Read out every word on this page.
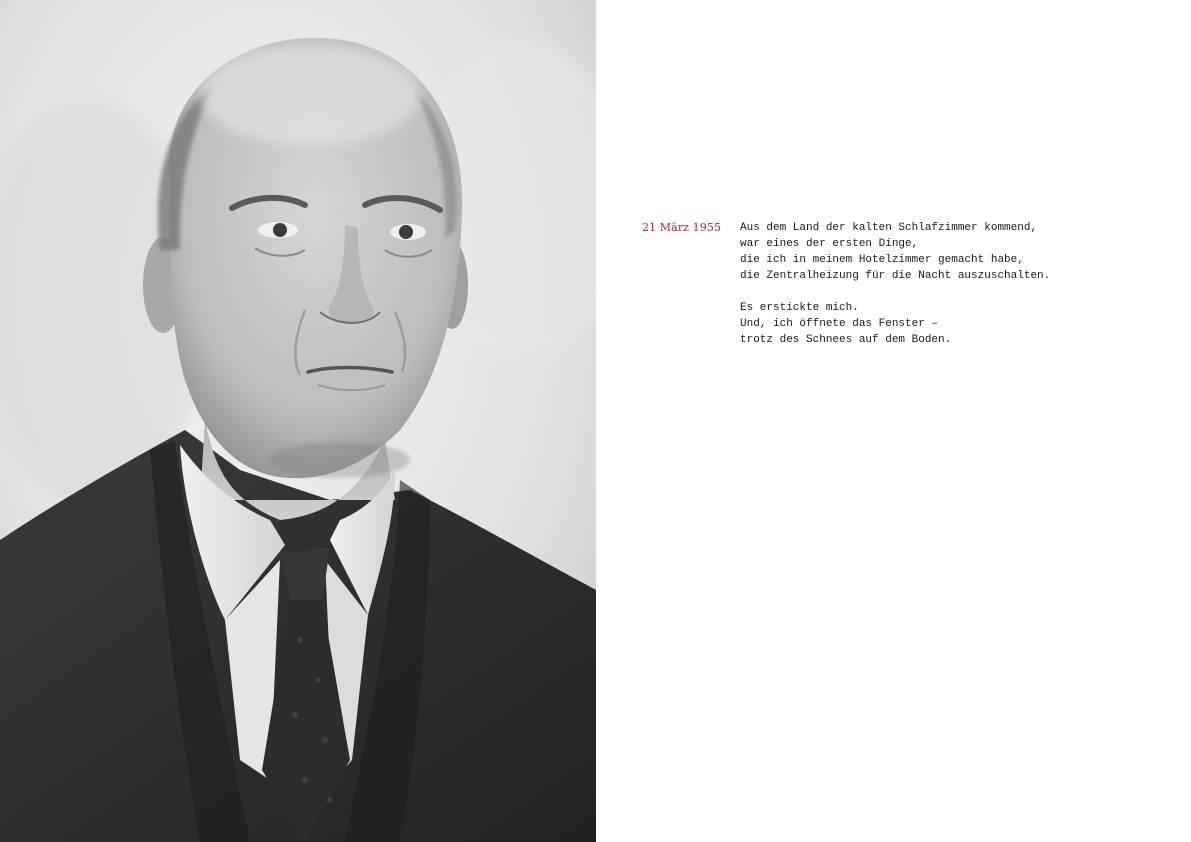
21 März 1955 Aus dem Land der kalten Schlafzimmer kommend,
war eines der ersten Dinge,
die ich in meinem Hotelzimmer gemacht habe,
die Zentralheizung für die Nacht auszuschalten.
Es erstickte mich.
Und, ich öffnete das Fenster –
trotz des Schnees auf dem Boden.
